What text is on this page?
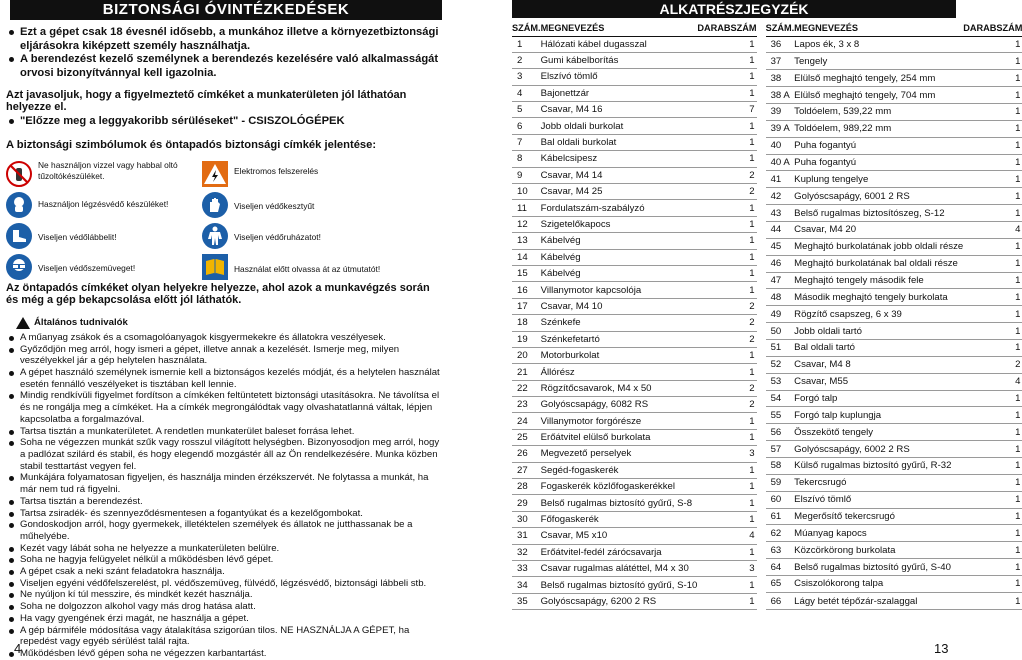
BIZTONSÁGI ÓVINTÉZKEDÉSEK
Ezt a gépet csak 18 évesnél idősebb, a munkához illetve a környezetbiztonsági eljárásokra kiképzett személy használhatja.
A berendezést kezelő személynek a berendezés kezelésére való alkalmasságát orvosi bizonyítvánnyal kell igazolnia.
Azt javasoljuk, hogy a figyelmeztető címkéket a munkaterületen jól láthatóan helyezze el.
"Előzze meg a leggyakoribb sérüléseket" - CSISZOLÓGÉPEK
A biztonsági szimbólumok és öntapadós biztonsági címkék jelentése:
Ne használjon vizzel vagy habbal oltó tűzoltókészüléket.	Elektromos felszerelés
Használjon légzésvédő készüléket!	Viseljen védőkesztyűt
Viseljen védőlábbelit!	Viseljen védőruházatot!
Viseljen védőszemüveget!	Használat előtt olvassa át az útmutatót!
Az öntapadós címkéket olyan helyekre helyezze, ahol azok a munkavégzés során és még a gép bekapcsolása előtt jól láthatók.
Általános tudnivalók
A műanyag zsákok és a csomagolóanyagok kisgyermekekre és állatokra veszélyesek.
Győződjön meg arról, hogy ismeri a gépet, illetve annak a kezelését. Ismerje meg, milyen veszélyekkel jár a gép helytelen használata.
A gépet használó személynek ismernie kell a biztonságos kezelés módját, és a helytelen használat esetén fennálló veszélyeket is tisztában kell lennie.
Mindig rendkívüli figyelmet fordítson a címkéken feltüntetett biztonsági utasításokra. Ne távolítsa el és ne rongálja meg a címkéket. Ha a címkék megrongálódtak vagy olvashatatlanná váltak, lépjen kapcsolatba a forgalmazóval.
Tartsa tisztán a munkaterületet. A rendetlen munkaterület baleset forrása lehet.
Soha ne végezzen munkát szűk vagy rosszul világított helységben. Bizonyosodjon meg arról, hogy a padlózat szilárd és stabil, és hogy elegendő mozgástér áll az Ön rendelkezésére. Munka közben stabil testtartást vegyen fel.
Munkájára folyamatosan figyeljen, és használja minden érzékszervét. Ne folytassa a munkát, ha már nem tud rá figyelni.
Tartsa tisztán a berendezést.
Tartsa zsiradék- és szennyeződésmentesen a fogantyúkat és a kezelőgombokat.
Gondoskodjon arról, hogy gyermekek, illetéktelen személyek és állatok ne jutthassanak be a műhelyébe.
Kezét vagy lábát soha ne helyezze a munkaterületen belülre.
Soha ne hagyja felügyelet nélkül a működésben lévő gépet.
A gépet csak a neki szánt feladatokra használja.
Viseljen egyéni védőfelszerelést, pl. védőszemüveg, fülvédő, légzésvédő, biztonsági lábbeli stb.
Ne nyúljon kí túl messzire, és mindkét kezét használja.
Soha ne dolgozzon alkohol vagy más drog hatása alatt.
Ha vagy gyengének érzi magát, ne használja a gépet.
A gép bármiféle módosítása vagy átalakítása szigorúan tilos. NE HASZNÁLJA A GÉPET, ha repedést vagy egyéb sérülést talál rajta.
Működésben lévő gépen soha ne végezzen karbantartást.
4
ALKATRÉSZJEGYZÉK
SZÁM.	MEGNEVEZÉS	DARABSZÁM
1	Hálózati kábel dugasszal	1
2	Gumi kábelborítás	1
3	Elszívó tömlő	1
4	Bajonettzár	1
5	Csavar, M4 16	7
6	Jobb oldali burkolat	1
7	Bal oldali burkolat	1
8	Kábelcsipesz	1
9	Csavar, M4 14	2
10	Csavar, M4 25	2
11	Fordulatszám-szabályzó	1
12	Szigetelőkapocs	1
13	Kábelvég	1
14	Kábelvég	1
15	Kábelvég	1
16	Villanymotor kapcsolója	1
17	Csavar, M4 10	2
18	Szénkefe	2
19	Szénkefetartó	2
20	Motorburkolat	1
21	Állórész	1
22	Rögzítőcsavarok, M4 x 50	2
23	Golyóscsapágy, 6082 RS	2
24	Villanymotor forgórésze	1
25	Erőátvitel elülső burkolata	1
26	Megvezető perselyek	3
27	Segéd-fogaskerék	1
28	Fogaskerék közlőfogaskerékkel	1
29	Belső rugalmas biztosító gyűrű, S-8	1
30	Főfogaskerék	1
31	Csavar, M5 x10	4
32	Erőátvitel-fedél zárócsavarja	1
33	Csavar rugalmas alátéttel, M4 x 30	3
34	Belső rugalmas biztosító gyűrű, S-10	1
35	Golyóscsapágy, 6200 2 RS	1
SZÁM.	MEGNEVEZÉS	DARABSZÁM
36	Lapos ék, 3 x 8	1
37	Tengely	1
38	Elülső meghajtó tengely, 254 mm	1
38 A	Elülső meghajtó tengely, 704 mm	1
39	Toldóelem, 539,22 mm	1
39 A	Toldóelem, 989,22 mm	1
40	Puha fogantyú	1
40 A	Puha fogantyú	1
41	Kuplung tengelye	1
42	Golyóscsapágy, 6001 2 RS	1
43	Belső rugalmas biztosítószeg, S-12	1
44	Csavar, M4 20	4
45	Meghajtó burkolatának jobb oldali része	1
46	Meghajtó burkolatának bal oldali része	1
47	Meghajtó tengely második fele	1
48	Második meghajtó tengely burkolata	1
49	Rögzítő csapszeg, 6 x 39	1
50	Jobb oldali tartó	1
51	Bal oldali tartó	1
52	Csavar, M4 8	2
53	Csavar, M55	4
54	Forgó talp	1
55	Forgó talp kuplungja	1
56	Összekötő tengely	1
57	Golyóscsapágy, 6002 2 RS	1
58	Külső rugalmas biztosító gyűrű, R-32	1
59	Tekercsrugó	1
60	Elszívó tömlő	1
61	Megerősítő tekercsrugó	1
62	Múanyag kapocs	1
63	Közcörkörong burkolata	1
64	Belső rugalmas biztosító gyűrű, S-40	1
65	Csiszolókorong talpa	1
66	Lágy betét tépőzár-szalaggal	1
13
